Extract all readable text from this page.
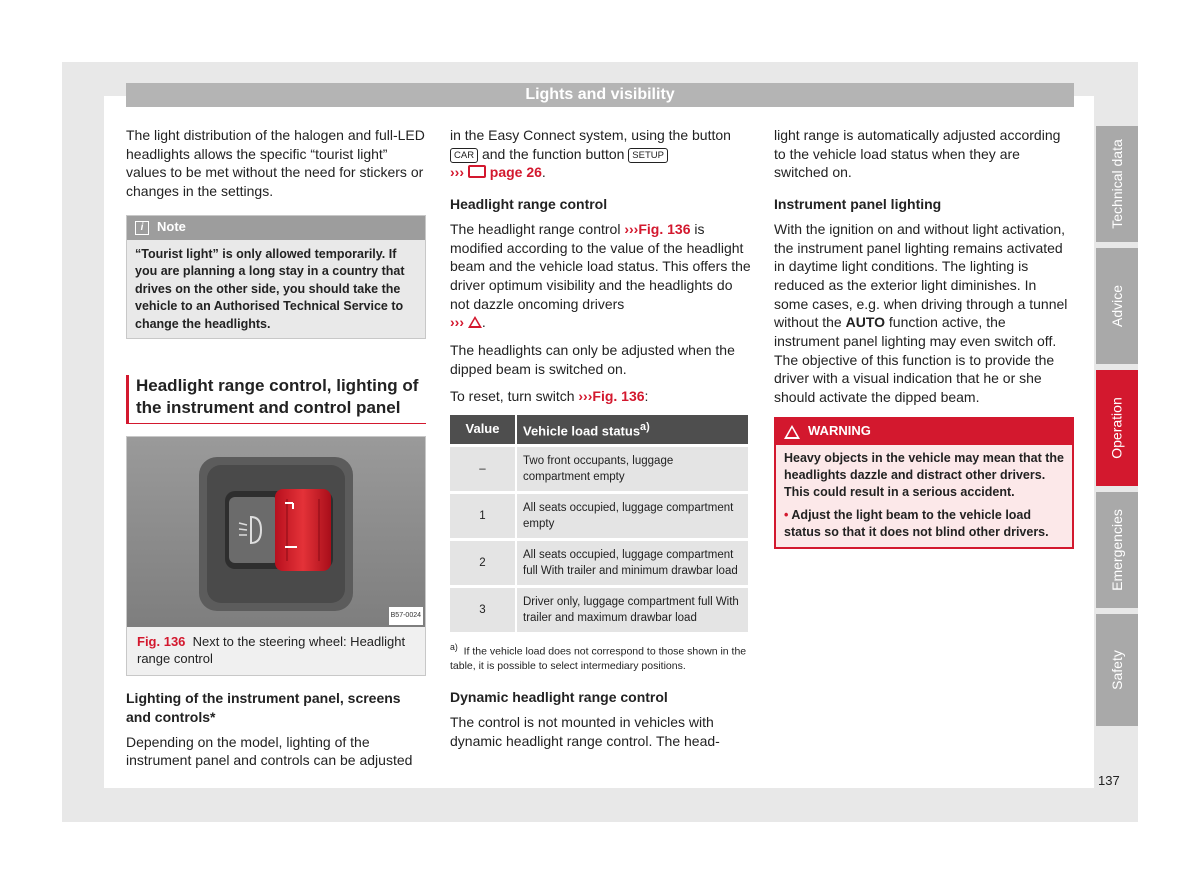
Lights and visibility

The light distribution of the halogen and full-LED headlights allows the specific “tourist light” values to be met without the need for stickers or changes in the settings.

i	Note
“Tourist light” is only allowed temporarily. If you are planning a long stay in a country that drives on the other side, you should take the vehicle to an Authorised Technical Service to change the headlights.
Headlight range control, lighting of the instrument and control panel
B57-0024
Fig. 136 Next to the steering wheel: Headlight range control
Lighting of the instrument panel, screens and controls*

Depending on the model, lighting of the instrument panel and controls can be adjusted

in the Easy Connect system, using the button CAR and the function button SETUP
››› page 26.

Headlight range control

The headlight range control ›››Fig. 136 is modified according to the value of the headlight beam and the vehicle load status. This offers the driver optimum visibility and the headlights do not dazzle oncoming drivers
››› .

The headlights can only be adjusted when the dipped beam is switched on.

To reset, turn switch ›››Fig. 136:

Value	Vehicle load status$^{a)}$
–	Two front occupants, luggage compartment empty
1	All seats occupied, luggage compartment empty
2	All seats occupied, luggage compartment full With trailer and minimum drawbar load
3	Driver only, luggage compartment full With trailer and maximum drawbar load
$^{a)}$ If the vehicle load does not correspond to those shown in the table, it is possible to select intermediary positions.
Dynamic headlight range control

The control is not mounted in vehicles with dynamic headlight range control. The head-

light range is automatically adjusted according to the vehicle load status when they are switched on.

Instrument panel lighting

With the ignition on and without light activation, the instrument panel lighting remains activated in daytime light conditions. The lighting is reduced as the exterior light diminishes. In some cases, e.g. when driving through a tunnel without the AUTO function active, the instrument panel lighting may even switch off. The objective of this function is to provide the driver with a visual indication that he or she should activate the dipped beam.

WARNING
Heavy objects in the vehicle may mean that the headlights dazzle and distract other drivers. This could result in a serious accident.
• Adjust the light beam to the vehicle load status so that it does not blind other drivers.
Technical data
Advice
Operation
Emergencies
Safety
137
